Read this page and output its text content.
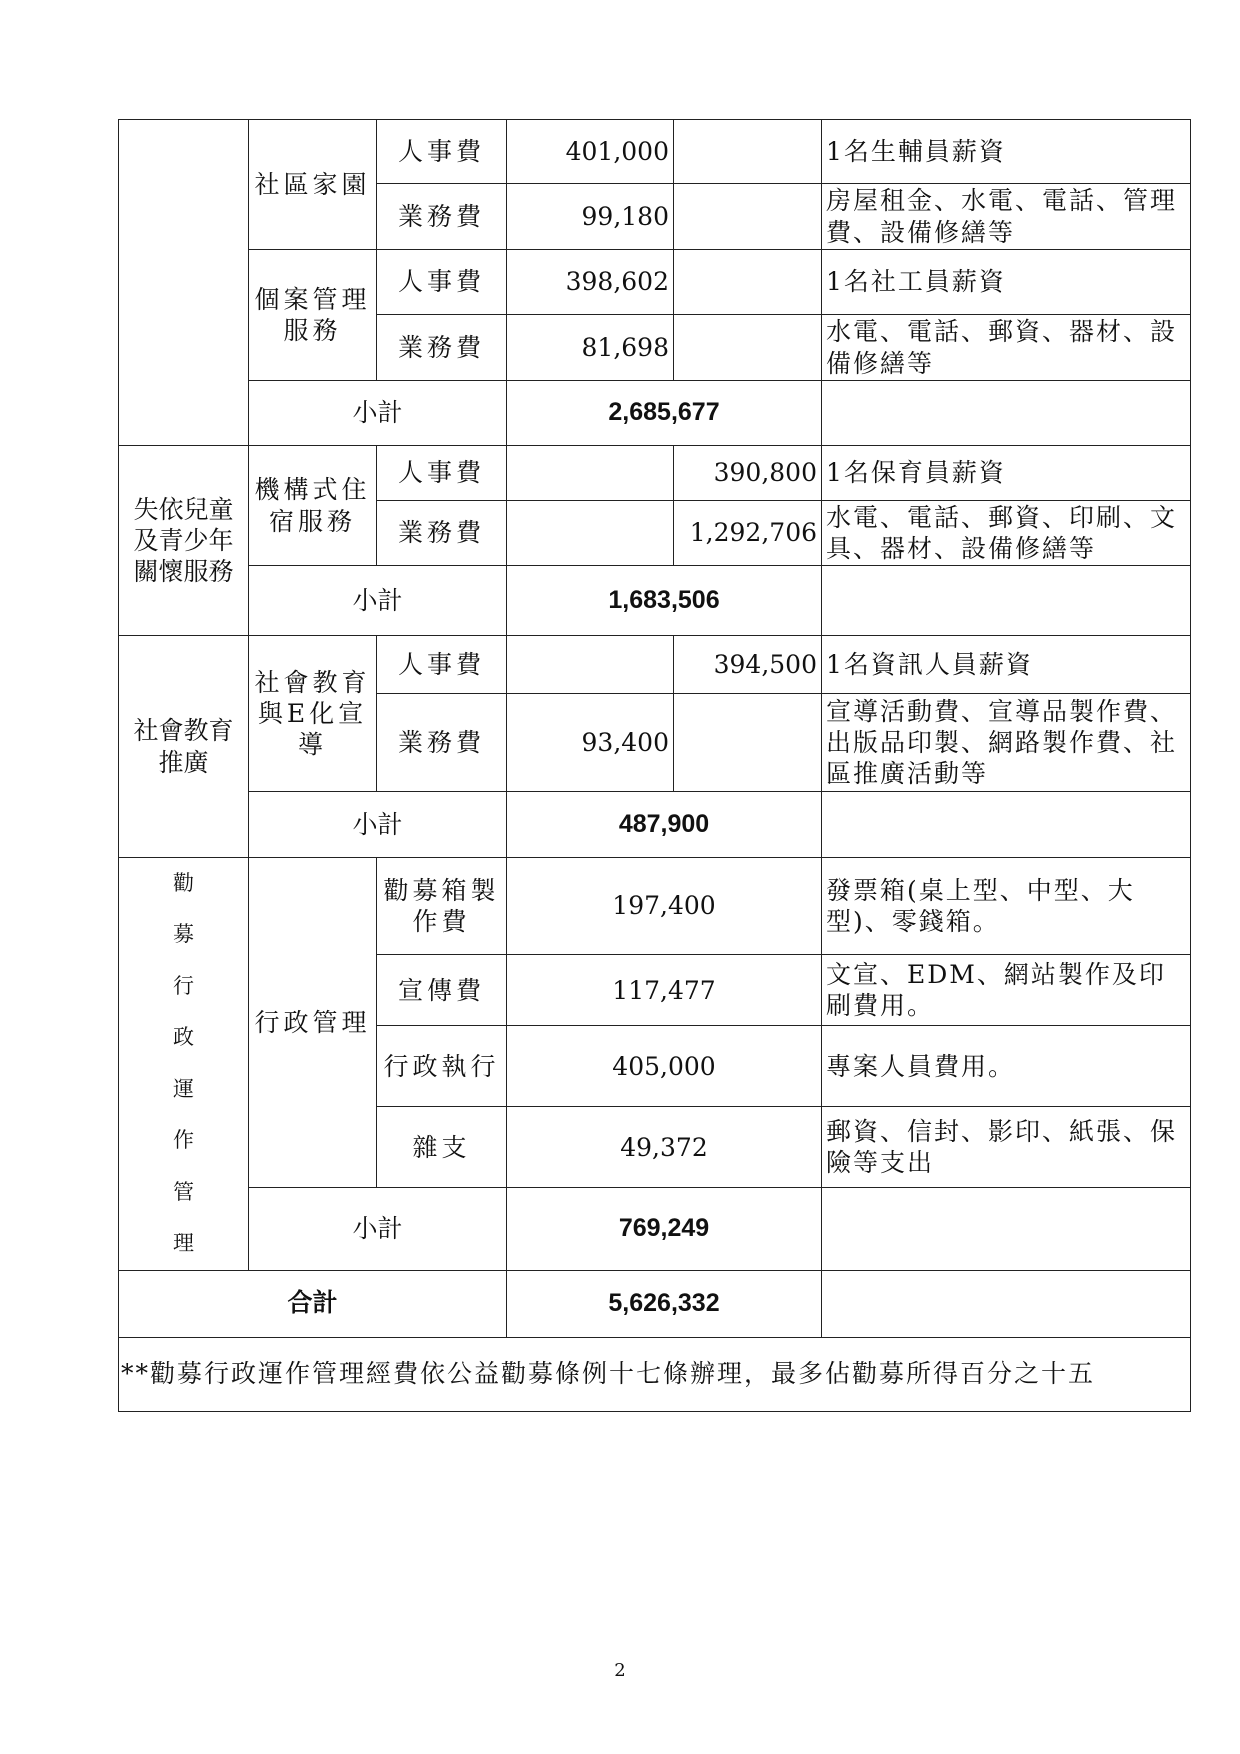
	社區家園	人事費	401,000		1名生輔員薪資
		業務費	99,180		房屋租金、水電、電話、管理費、設備修繕等
	個案管理服務	人事費	398,602		1名社工員薪資
		業務費	81,698		水電、電話、郵資、器材、設備修繕等
	小計		2,685,677		
失依兒童及青少年關懷服務	機構式住宿服務	人事費		390,800	1名保育員薪資
		業務費		1,292,706	水電、電話、郵資、印刷、文具、器材、設備修繕等
	小計		1,683,506		
社會教育推廣	社會教育與E化宣導	人事費		394,500	1名資訊人員薪資
		業務費	93,400		宣導活動費、宣導品製作費、出版品印製、網路製作費、社區推廣活動等
	小計		487,900		
勸募行政運作管理	行政管理	勸募箱製作費	197,400		發票箱(桌上型、中型、大型)、零錢箱。
		宣傳費	117,477		文宣、EDM、網站製作及印刷費用。
		行政執行	405,000		專案人員費用。
		雜支	49,372		郵資、信封、影印、紙張、保險等支出
	小計		769,249		
合計			5,626,332		
**勸募行政運作管理經費依公益勸募條例十七條辦理，最多佔勸募所得百分之十五					
2
